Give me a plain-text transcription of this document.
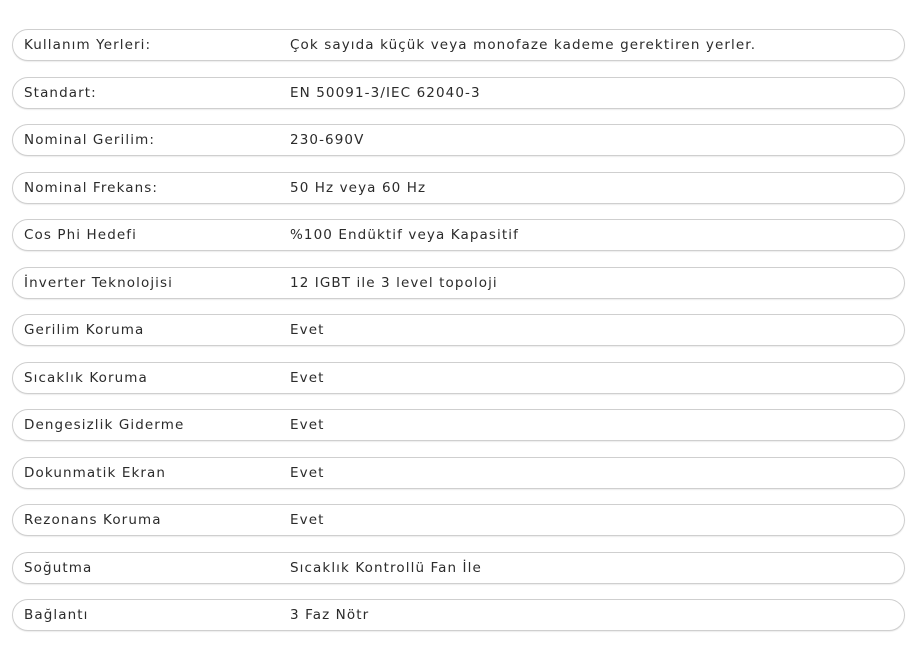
Kullanım Yerleri:	Çok sayıda küçük veya monofaze kademe gerektiren yerler.
Standart:	EN 50091-3/IEC 62040-3
Nominal Gerilim:	230-690V
Nominal Frekans:	50 Hz veya 60 Hz
Cos Phi Hedefi	%100 Endüktif veya Kapasitif
İnverter Teknolojisi	12 IGBT ile 3 level topoloji
Gerilim Koruma	Evet
Sıcaklık Koruma	Evet
Dengesizlik Giderme	Evet
Dokunmatik Ekran	Evet
Rezonans Koruma	Evet
Soğutma	Sıcaklık Kontrollü Fan İle
Bağlantı	3 Faz Nötr
